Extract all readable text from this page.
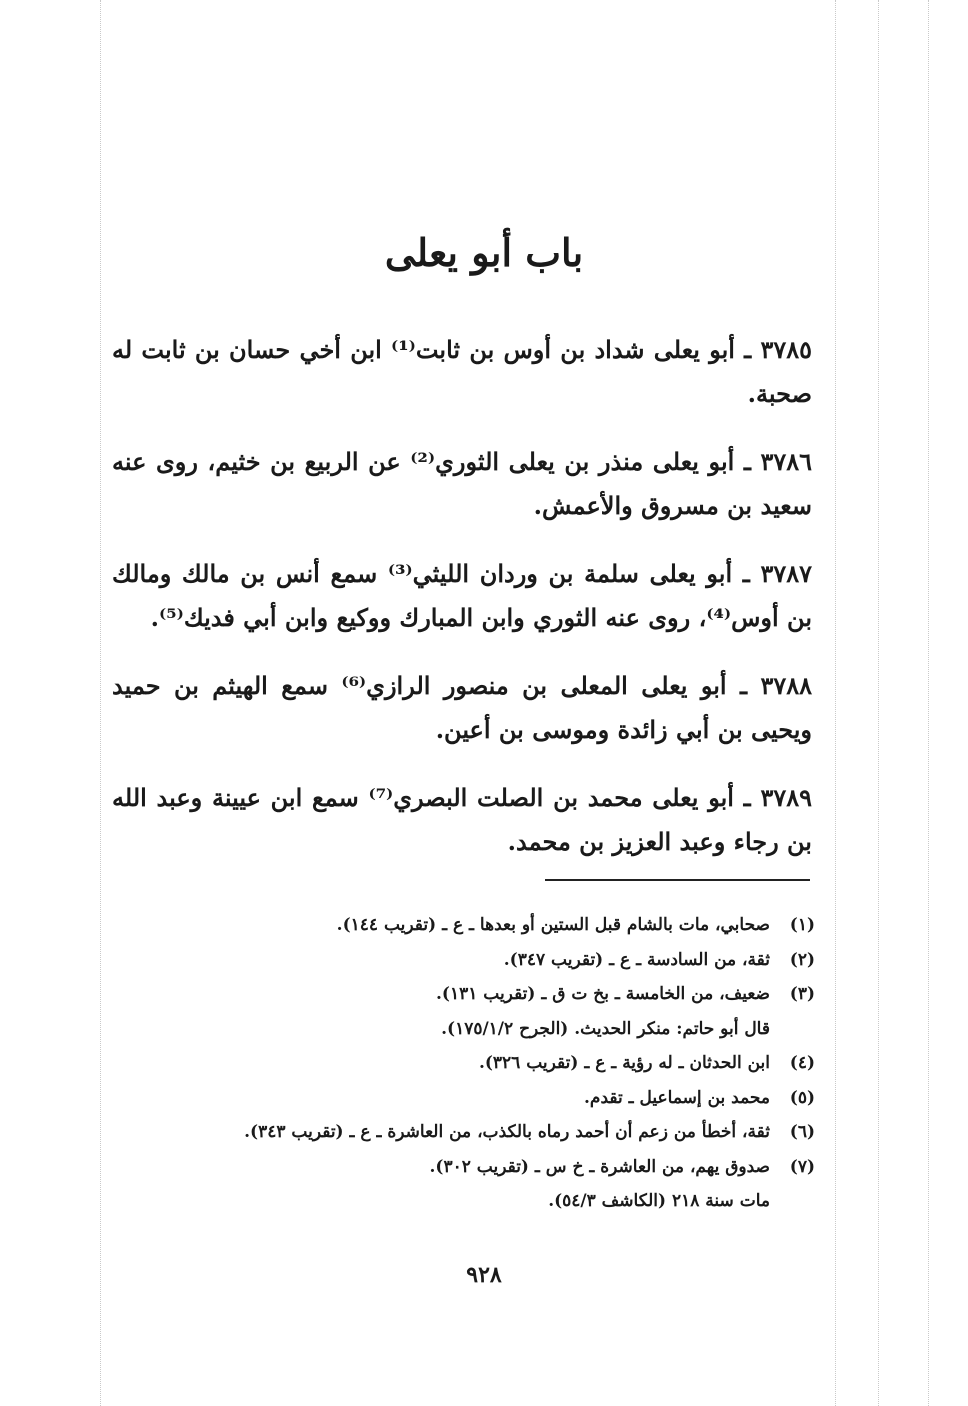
باب أبو يعلى

٣٧٨٥ ـ أبو يعلى شداد بن أوس بن ثابت⁽¹⁾ ابن أخي حسان بن ثابت له صحبة.

٣٧٨٦ ـ أبو يعلى منذر بن يعلى الثوري⁽²⁾ عن الربيع بن خثيم، روى عنه سعيد بن مسروق والأعمش.

٣٧٨٧ ـ أبو يعلى سلمة بن وردان الليثي⁽³⁾ سمع أنس بن مالك ومالك بن أوس⁽⁴⁾، روى عنه الثوري وابن المبارك ووكيع وابن أبي فديك⁽⁵⁾.

٣٧٨٨ ـ أبو يعلى المعلى بن منصور الرازي⁽⁶⁾ سمع الهيثم بن حميد ويحيى بن أبي زائدة وموسى بن أعين.

٣٧٨٩ ـ أبو يعلى محمد بن الصلت البصري⁽⁷⁾ سمع ابن عيينة وعبد الله بن رجاء وعبد العزيز بن محمد.

(١)
صحابي، مات بالشام قبل الستين أو بعدها ـ ع ـ (تقريب ١٤٤).
(٢)
ثقة، من السادسة ـ ع ـ (تقريب ٣٤٧).
(٣)
ضعيف، من الخامسة ـ بخ ت ق ـ (تقريب ١٣١).
قال أبو حاتم: منكر الحديث. (الجرح ١٧٥/١/٢).
(٤)
ابن الحدثان ـ له رؤية ـ ع ـ (تقريب ٣٢٦).
(٥)
محمد بن إسماعيل ـ تقدم.
(٦)
ثقة، أخطأ من زعم أن أحمد رماه بالكذب، من العاشرة ـ ع ـ (تقريب ٣٤٣).
(٧)
صدوق يهم، من العاشرة ـ خ س ـ (تقريب ٣٠٢).
مات سنة ٢١٨ (الكاشف ٥٤/٣).
٩٢٨
